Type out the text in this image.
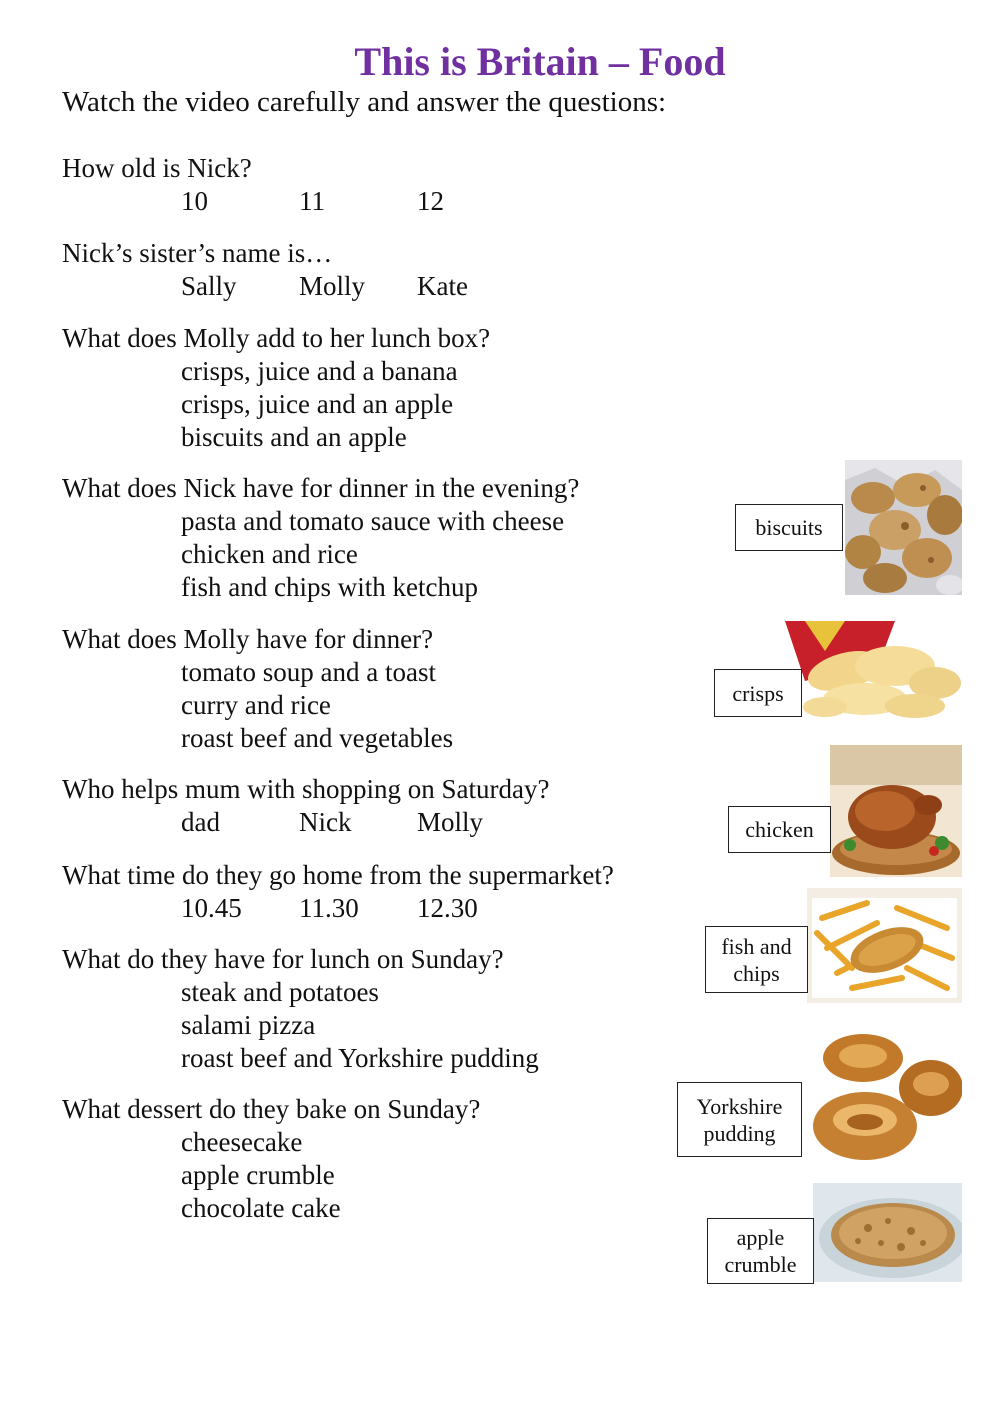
This is Britain – Food

Watch the video carefully and answer the questions:

How old is Nick?
10	11	12
Nick’s sister’s name is…
Sally	Molly	Kate
What does Molly add to her lunch box?
crisps, juice and a banana
crisps, juice and an apple
biscuits and an apple
What does Nick have for dinner in the evening?
pasta and tomato sauce with cheese
chicken and rice
fish and chips with ketchup
What does Molly have for dinner?
tomato soup and a toast
curry and rice
roast beef and vegetables
Who helps mum with shopping on Saturday?
dad	Nick	Molly
What time do they go home from the supermarket?
10.45	11.30	12.30
What do they have for lunch on Sunday?
steak and potatoes
salami pizza
roast beef and Yorkshire pudding
What dessert do they bake on Sunday?
cheesecake
apple crumble
chocolate cake
biscuits
crisps
chicken
fish and
chips
Yorkshire
pudding
apple
crumble
